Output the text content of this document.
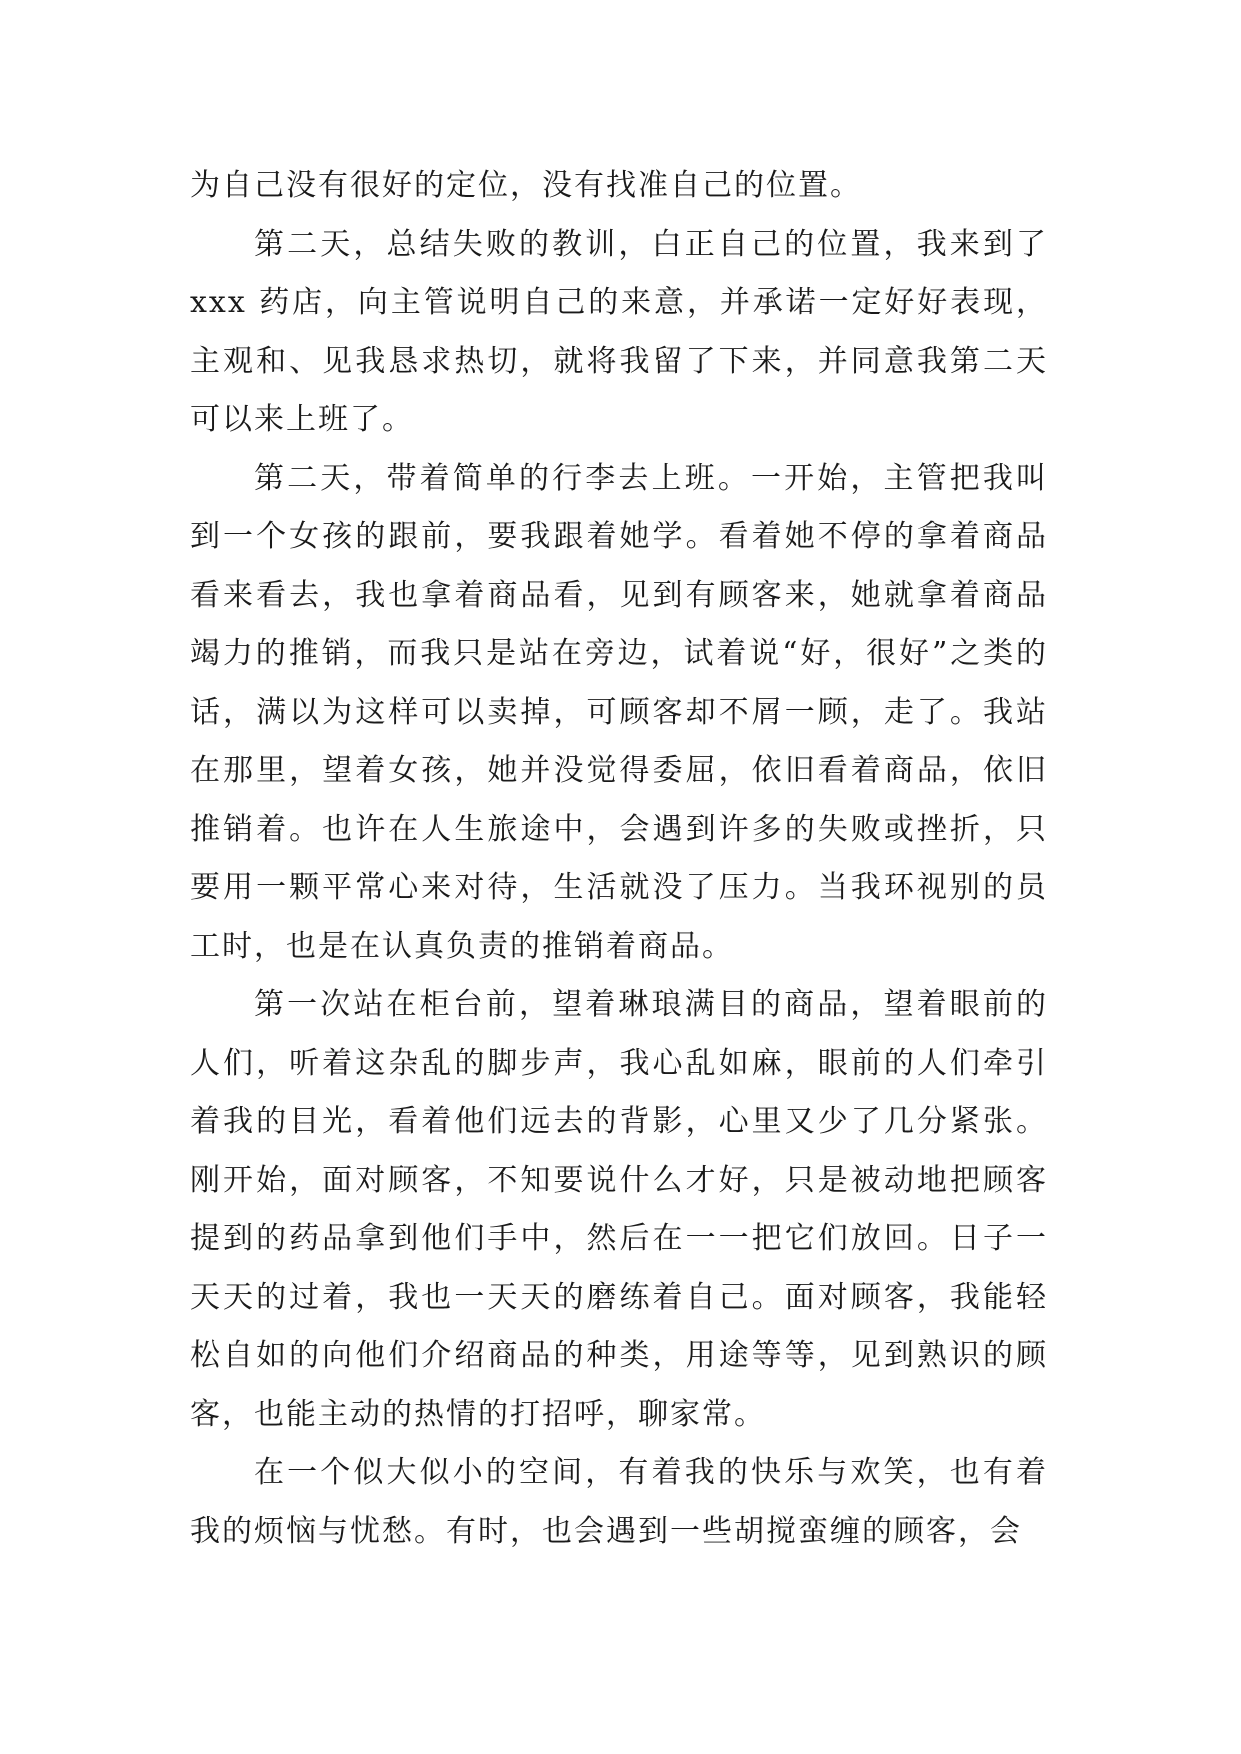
为自己没有很好的定位，没有找准自己的位置。

第二天，总结失败的教训，白正自己的位置，我来到了xxx 药店，向主管说明自己的来意，并承诺一定好好表现，主观和、见我恳求热切，就将我留了下来，并同意我第二天可以来上班了。

第二天，带着简单的行李去上班。一开始，主管把我叫到一个女孩的跟前，要我跟着她学。看着她不停的拿着商品看来看去，我也拿着商品看，见到有顾客来，她就拿着商品竭力的推销，而我只是站在旁边，试着说“好，很好”之类的话，满以为这样可以卖掉，可顾客却不屑一顾，走了。我站在那里，望着女孩，她并没觉得委屈，依旧看着商品，依旧推销着。也许在人生旅途中，会遇到许多的失败或挫折，只要用一颗平常心来对待，生活就没了压力。当我环视别的员工时，也是在认真负责的推销着商品。

第一次站在柜台前，望着琳琅满目的商品，望着眼前的人们，听着这杂乱的脚步声，我心乱如麻，眼前的人们牵引着我的目光，看着他们远去的背影，心里又少了几分紧张。刚开始，面对顾客，不知要说什么才好，只是被动地把顾客提到的药品拿到他们手中，然后在一一把它们放回。日子一天天的过着，我也一天天的磨练着自己。面对顾客，我能轻松自如的向他们介绍商品的种类，用途等等，见到熟识的顾客，也能主动的热情的打招呼，聊家常。

在一个似大似小的空间，有着我的快乐与欢笑，也有着我的烦恼与忧愁。有时，也会遇到一些胡搅蛮缠的顾客，会
